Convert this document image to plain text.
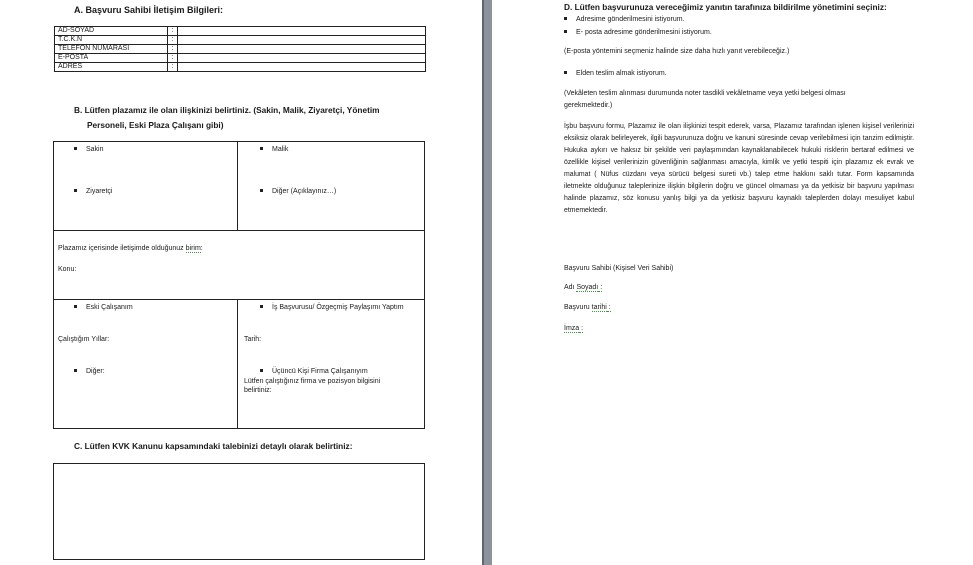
A. Başvuru Sahibi İletişim Bilgileri:
AD-SOYAD	:	
T.C.K.N	:	
TELEFON NUMARASI	:	
E-POSTA	:	
ADRES	:	
B. Lütfen plazamız ile olan ilişkinizi belirtiniz. (Sakin, Malik, Ziyaretçi, Yönetim
Personeli, Eski Plaza Çalışanı gibi)
Sakin	Malik
Ziyaretçi	Diğer (Açıklayınız…)
Plazamız içerisinde iletişimde olduğunuz birim:
Konu:
Eski Çalışanım	İş Başvurusu/ Özgeçmiş Paylaşımı Yaptım
Çalıştığım Yıllar:	Tarih:
Diğer:	Üçüncü Kişi Firma Çalışanıyım
Lütfen çalıştığınız firma ve pozisyon bilgisini
belirtiniz:
C. Lütfen KVK Kanunu kapsamındaki talebinizi detaylı olarak belirtiniz:
D. Lütfen başvurunuza vereceğimiz yanıtın tarafınıza bildirilme yönetimini seçiniz:
Adresime gönderilmesini istiyorum.
E- posta adresime gönderilmesini istiyorum.
(E-posta yöntemini seçmeniz halinde size daha hızlı yanıt verebileceğiz.)
Elden teslim almak istiyorum.
(Vekâleten teslim alınması durumunda noter tasdikli vekâletname veya yetki belgesi olması
gerekmektedir.)
İşbu başvuru formu, Plazamız ile olan ilişkinizi tespit ederek, varsa, Plazamız tarafından işlenen kişisel verilerinizi eksiksiz olarak belirleyerek, ilgili başvurunuza doğru ve kanuni süresinde cevap verilebilmesi için tanzim edilmiştir. Hukuka aykırı ve haksız bir şekilde veri paylaşımından kaynaklanabilecek hukuki risklerin bertaraf edilmesi ve özellikle kişisel verilerinizin güvenliğinin sağlanması amacıyla, kimlik ve yetki tespiti için plazamız ek evrak ve malumat ( Nüfus cüzdanı veya sürücü belgesi sureti vb.) talep etme hakkını saklı tutar. Form kapsamında iletmekte olduğunuz taleplerinize ilişkin bilgilerin doğru ve güncel olmaması ya da yetkisiz bir başvuru yapılması halinde plazamız, söz konusu yanlış bilgi ya da yetkisiz başvuru kaynaklı taleplerden dolayı mesuliyet kabul etmemektedir.
Başvuru Sahibi (Kişisel Veri Sahibi)
Adı Soyadı :
Başvuru tarihi :
İmza :
